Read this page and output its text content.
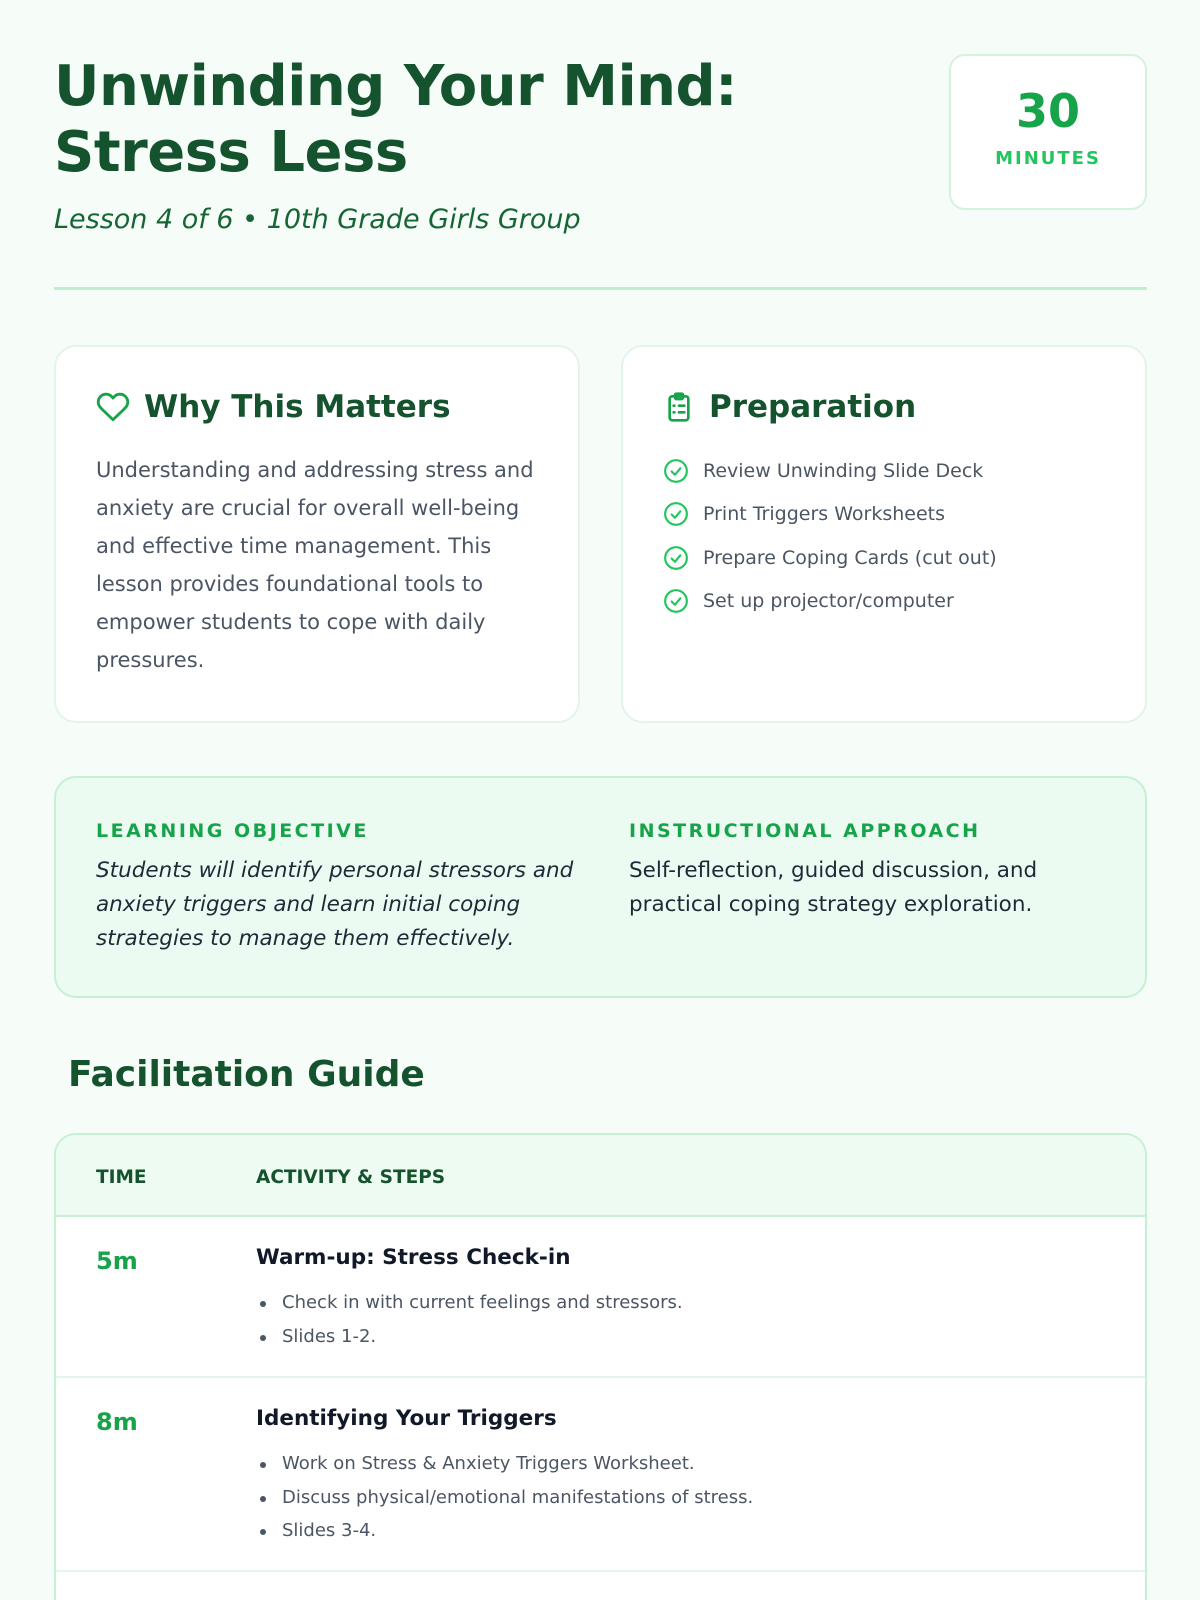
Unwinding Your Mind: Stress Less
Lesson 4 of 6 • 10th Grade Girls Group
30
MINUTES
Why This Matters

Understanding and addressing stress and anxiety are crucial for overall well-being and effective time management. This lesson provides foundational tools to empower students to cope with daily pressures.

Preparation
Review Unwinding Slide Deck
Print Triggers Worksheets
Prepare Coping Cards (cut out)
Set up projector/computer
LEARNING OBJECTIVE

Students will identify personal stressors and anxiety triggers and learn initial coping strategies to manage them effectively.

INSTRUCTIONAL APPROACH

Self-reflection, guided discussion, and practical coping strategy exploration.

Facilitation Guide
TIME	ACTIVITY & STEPS
5m	Warm-up: Stress Check-in
Check in with current feelings and stressors.
Slides 1-2.
8m	Identifying Your Triggers
Work on Stress & Anxiety Triggers Worksheet.
Discuss physical/emotional manifestations of stress.
Slides 3-4.
